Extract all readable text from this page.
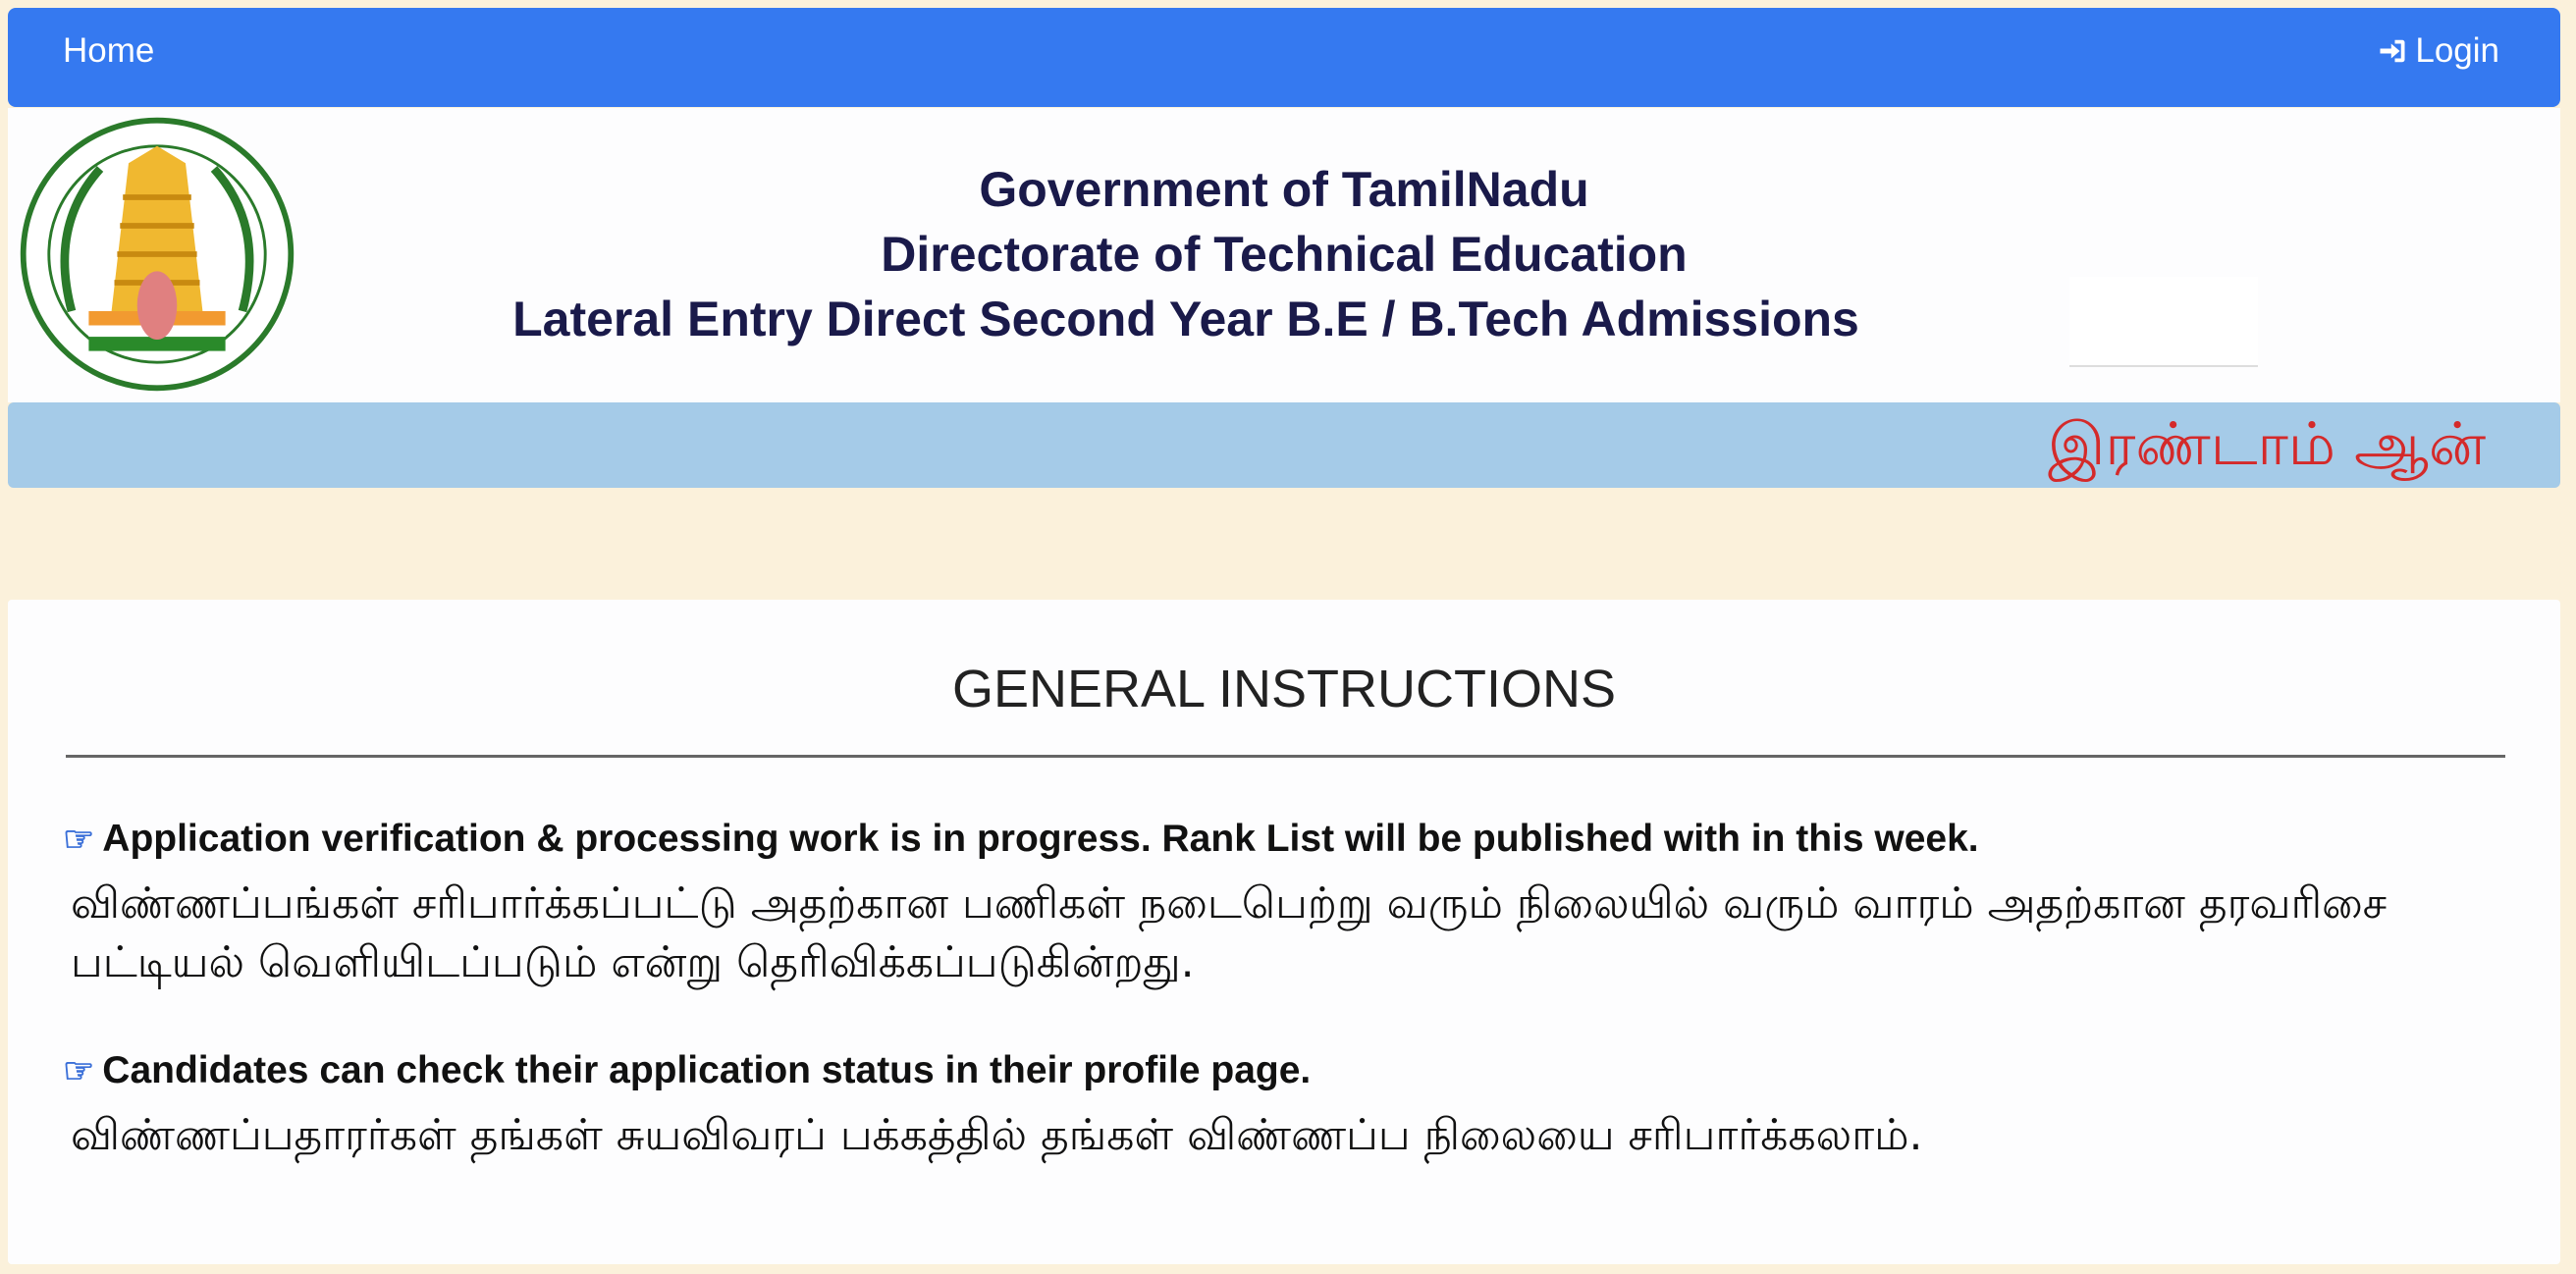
Home	Login
Government of TamilNadu
Directorate of Technical Education
Lateral Entry Direct Second Year B.E / B.Tech Admissions
இரண்டாம் ஆன்
GENERAL INSTRUCTIONS
☞ Application verification & processing work is in progress. Rank List will be published with in this week.
விண்ணப்பங்கள் சரிபார்க்கப்பட்டு அதற்கான பணிகள் நடைபெற்று வரும் நிலையில் வரும் வாரம் அதற்கான தரவரிசை பட்டியல் வெளியிடப்படும் என்று தெரிவிக்கப்படுகின்றது.
☞ Candidates can check their application status in their profile page.
விண்ணப்பதாரர்கள் தங்கள் சுயவிவரப் பக்கத்தில் தங்கள் விண்ணப்ப நிலையை சரிபார்க்கலாம்.
